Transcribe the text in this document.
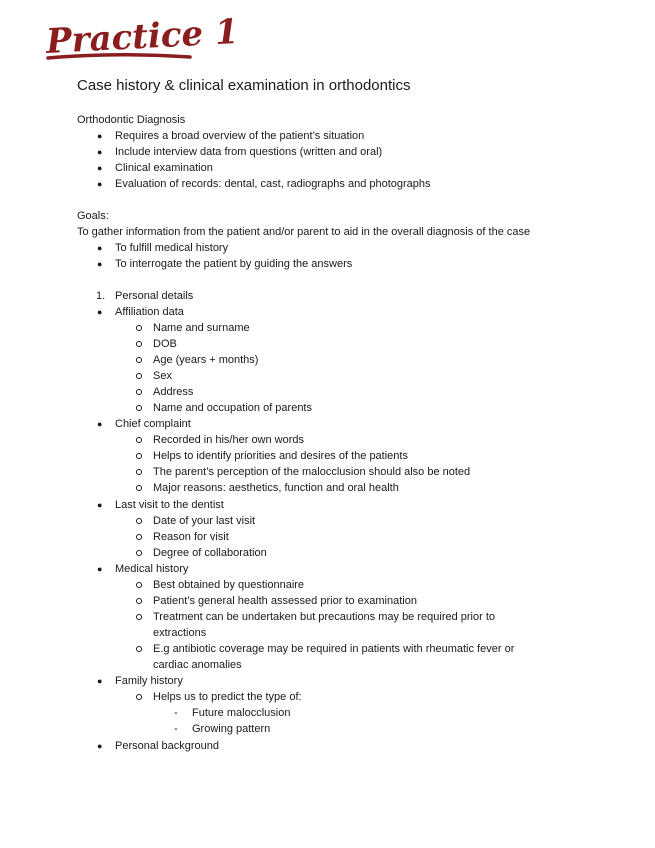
Practice 1
Case history & clinical examination in orthodontics
Orthodontic Diagnosis
● Requires a broad overview of the patient’s situation
● Include interview data from questions (written and oral)
● Clinical examination
● Evaluation of records: dental, cast, radiographs and photographs
Goals:
To gather information from the patient and/or parent to aid in the overall diagnosis of the case
● To fulfill medical history
● To interrogate the patient by guiding the answers
1. Personal details
● Affiliation data
Name and surname
DOB
Age (years + months)
Sex
Address
Name and occupation of parents
● Chief complaint
Recorded in his/her own words
Helps to identify priorities and desires of the patients
The parent’s perception of the malocclusion should also be noted
Major reasons: aesthetics, function and oral health
● Last visit to the dentist
Date of your last visit
Reason for visit
Degree of collaboration
● Medical history
Best obtained by questionnaire
Patient’s general health assessed prior to examination
Treatment can be undertaken but precautions may be required prior to
extractions
E.g antibiotic coverage may be required in patients with rheumatic fever or
cardiac anomalies
● Family history
Helps us to predict the type of:
- Future malocclusion
- Growing pattern
● Personal background
